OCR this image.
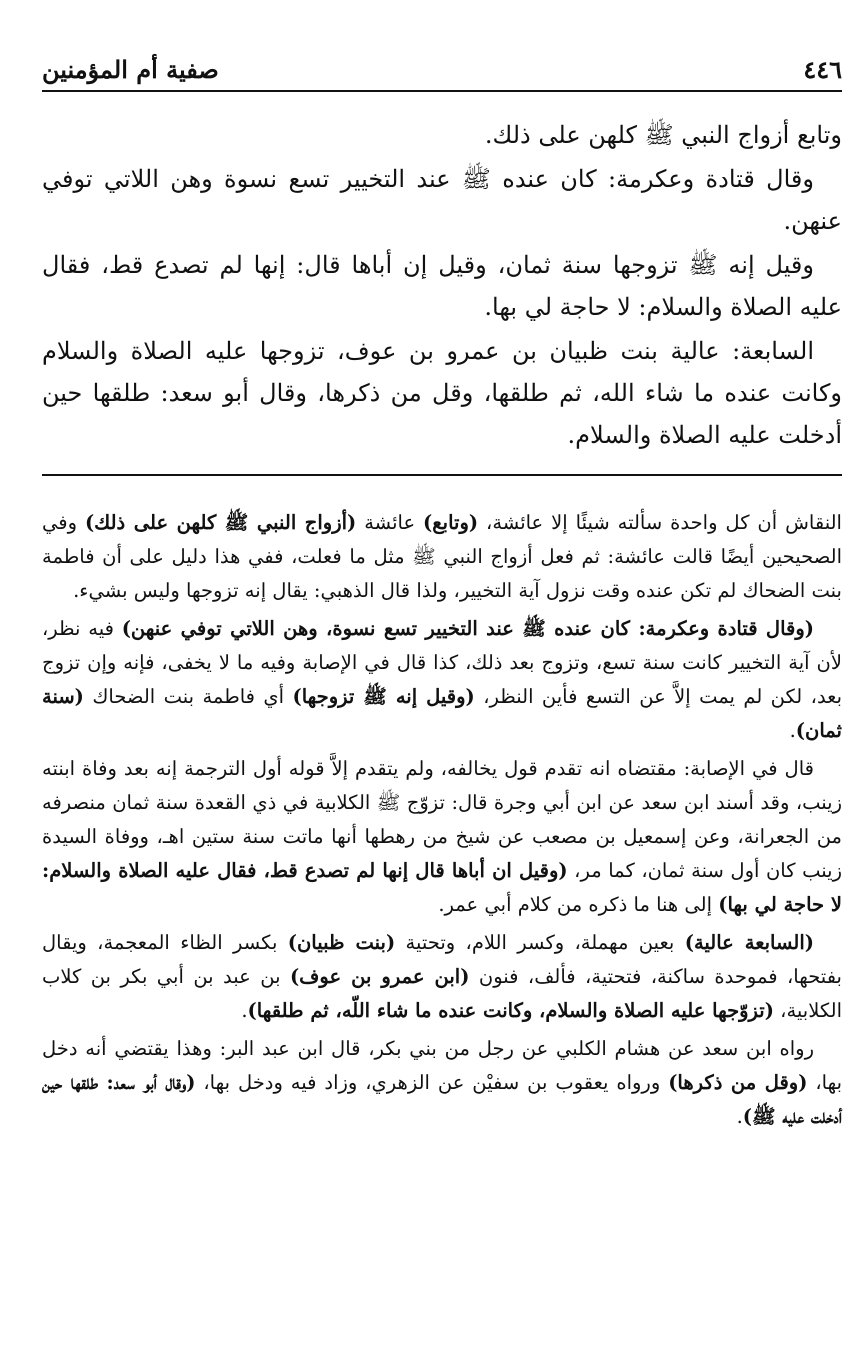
٤٤٦
صفية أم المؤمنين

وتابع أزواج النبي ﷺ كلهن على ذلك.

وقال قتادة وعكرمة: كان عنده ﷺ عند التخيير تسع نسوة وهن اللاتي توفي عنهن.

وقيل إنه ﷺ تزوجها سنة ثمان، وقيل إن أباها قال: إنها لم تصدع قط، فقال عليه الصلاة والسلام: لا حاجة لي بها.

السابعة: عالية بنت ظبيان بن عمرو بن عوف، تزوجها عليه الصلاة والسلام وكانت عنده ما شاء الله، ثم طلقها، وقل من ذكرها، وقال أبو سعد: طلقها حين أدخلت عليه الصلاة والسلام.

النقاش أن كل واحدة سألته شيئًا إلا عائشة، (وتابع) عائشة (أزواج النبي ﷺ كلهن على ذلك) وفي الصحيحين أيضًا قالت عائشة: ثم فعل أزواج النبي ﷺ مثل ما فعلت، ففي هذا دليل على أن فاطمة بنت الضحاك لم تكن عنده وقت نزول آية التخيير، ولذا قال الذهبي: يقال إنه تزوجها وليس بشيء.

(وقال قتادة وعكرمة: كان عنده ﷺ عند التخيير تسع نسوة، وهن اللاتي توفي عنهن) فيه نظر، لأن آية التخيير كانت سنة تسع، وتزوج بعد ذلك، كذا قال في الإصابة وفيه ما لا يخفى، فإنه وإن تزوج بعد، لكن لم يمت إلاَّ عن التسع فأين النظر، (وقيل إنه ﷺ تزوجها) أي فاطمة بنت الضحاك (سنة ثمان).

قال في الإصابة: مقتضاه انه تقدم قول يخالفه، ولم يتقدم إلاَّ قوله أول الترجمة إنه بعد وفاة ابنته زينب، وقد أسند ابن سعد عن ابن أبي وجرة قال: تزوّج ﷺ الكلابية في ذي القعدة سنة ثمان منصرفه من الجعرانة، وعن إسمعيل بن مصعب عن شيخ من رهطها أنها ماتت سنة ستين اهـ، ووفاة السيدة زينب كان أول سنة ثمان، كما مر، (وقيل ان أباها قال إنها لم تصدع قط، فقال عليه الصلاة والسلام: لا حاجة لي بها) إلى هنا ما ذكره من كلام أبي عمر.

(السابعة عالية) بعين مهملة، وكسر اللام، وتحتية (بنت ظبيان) بكسر الظاء المعجمة، ويقال بفتحها، فموحدة ساكنة، فتحتية، فألف، فنون (ابن عمرو بن عوف) بن عبد بن أبي بكر بن كلاب الكلابية، (تزوّجها عليه الصلاة والسلام، وكانت عنده ما شاء اللّه، ثم طلقها).

رواه ابن سعد عن هشام الكلبي عن رجل من بني بكر، قال ابن عبد البر: وهذا يقتضي أنه دخل بها، (وقل من ذكرها) ورواه يعقوب بن سفيْن عن الزهري، وزاد فيه ودخل بها، (وقال أبو سعد: طلقها حين أدخلت عليه ﷺ).
